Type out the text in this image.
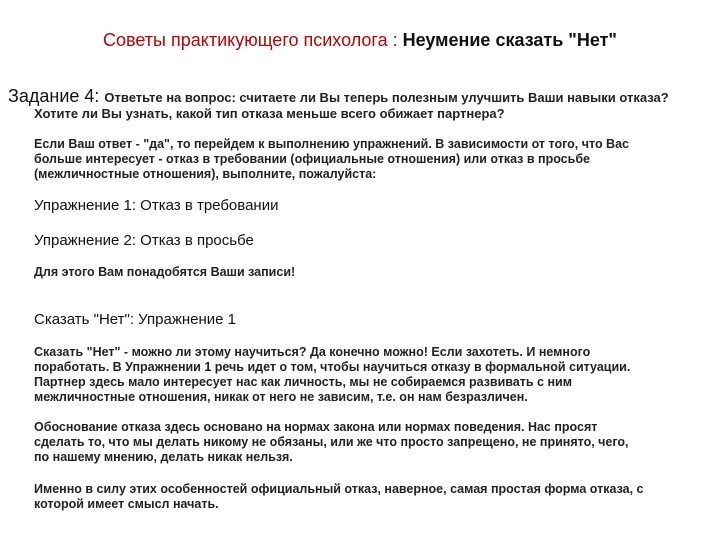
Советы практикующего психолога : Неумение сказать "Нет"
Задание 4: Ответьте на вопрос: считаете ли Вы теперь полезным улучшить Ваши навыки отказа?
Хотите ли Вы узнать, какой тип отказа меньше всего обижает партнера?
Если Ваш ответ - "да", то перейдем к выполнению упражнений. В зависимости от того, что Вас
больше интересует - отказ в требовании (официальные отношения) или отказ в просьбе
(межличностные отношения), выполните, пожалуйста:
Упражнение 1: Отказ в требовании
Упражнение 2: Отказ в просьбе
Для этого Вам понадобятся Ваши записи!
Сказать "Нет": Упражнение 1
Сказать "Нет" - можно ли этому научиться? Да конечно можно! Если захотеть. И немного
поработать. В Упражнении 1 речь идет о том, чтобы научиться отказу в формальной ситуации.
Партнер здесь мало интересует нас как личность, мы не собираемся развивать с ним
межличностные отношения, никак от него не зависим, т.е. он нам безразличен.
Обоснование отказа здесь основано на нормах закона или нормах поведения. Нас просят
сделать то, что мы делать никому не обязаны, или же что просто запрещено, не принято, чего,
по нашему мнению, делать никак нельзя.
Именно в силу этих особенностей официальный отказ, наверное, самая простая форма отказа, с
которой имеет смысл начать.
